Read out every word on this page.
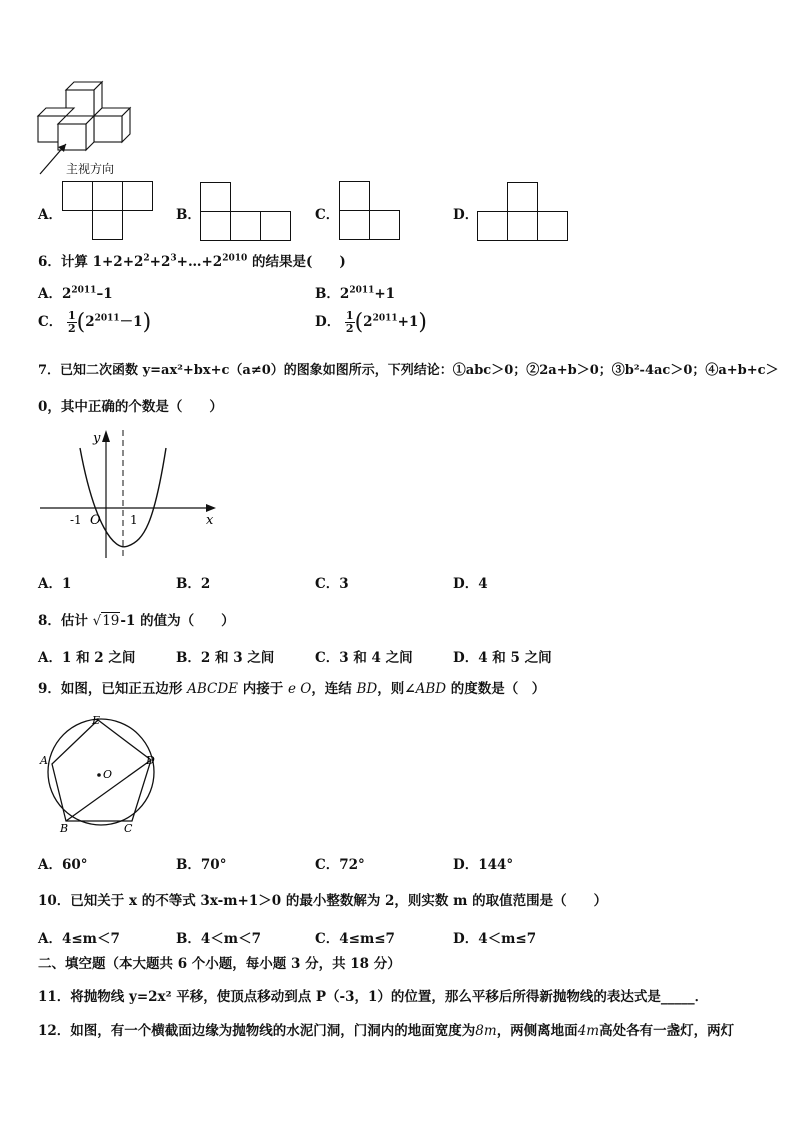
主视方向
A．	B．	C．	D．
6．计算 $1+2+2^2+2^3+\dots+2^{2010}$ 的结果是(　　)
A．$2^{2011}-1$	B．$2^{2011}+1$
C． $\frac{1}{2} (2^{2011}-1)$	D． $\frac{1}{2} (2^{2011}+1)$
7．已知二次函数 y=ax²+bx+c（a≠0）的图象如图所示，下列结论：①abc＞0；②2a+b＞0；③b²-4ac＞0；④a+b+c＞
0，其中正确的个数是（　　）
y
x
O
-1	1
A．1	B．2	C．3	D．4
8．估计 √19-1 的值为（　　）
A．1 和 2 之间	B．2 和 3 之间	C．3 和 4 之间	D．4 和 5 之间
9．如图，已知正五边形 ABCDE 内接于 e O，连结 BD，则∠ABD 的度数是（　）
E
A	D
O
B	C
A．60°	B．70°	C．72°	D．144°
10．已知关于 x 的不等式 3x-m+1＞0 的最小整数解为 2，则实数 m 的取值范围是（　　）
A．4≤m＜7	B．4＜m＜7	C．4≤m≤7	D．4＜m≤7
二、填空题（本大题共 6 个小题，每小题 3 分，共 18 分）
11．将抛物线 y=2x² 平移，使顶点移动到点 P（-3，1）的位置，那么平移后所得新抛物线的表达式是_____．
12．如图，有一个横截面边缘为抛物线的水泥门洞，门洞内的地面宽度为8m，两侧离地面4m高处各有一盏灯，两灯
